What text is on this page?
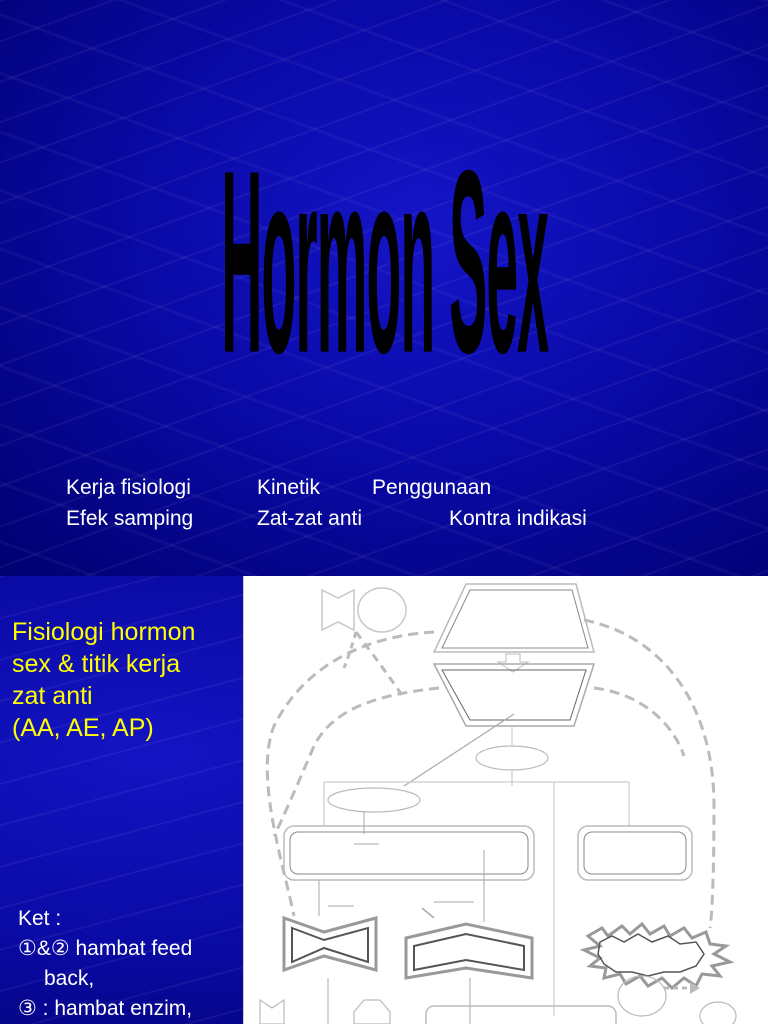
Hormon Sex
Kerja fisiologi	Kinetik Penggunaan
Efek samping	Zat-zat anti	Kontra indikasi
Fisiologi hormon
sex & titik kerja
zat anti
(AA, AE, AP)
Ket :
①&② hambat feed
back,
③ : hambat enzim,
